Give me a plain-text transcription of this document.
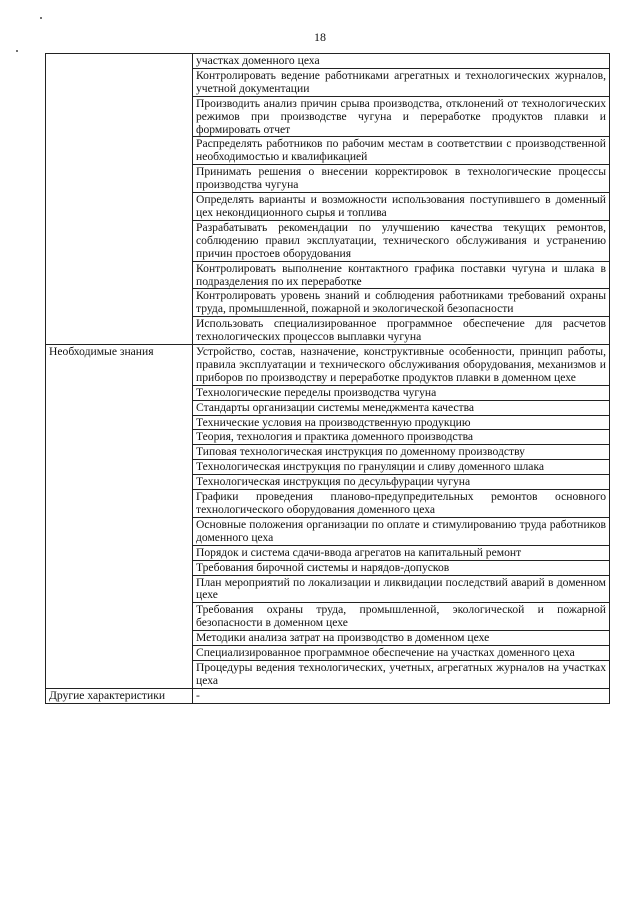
18
	участках доменного цеха
	Контролировать ведение работниками агрегатных и технологических журналов, учетной документации
	Производить анализ причин срыва производства, отклонений от технологических режимов при производстве чугуна и переработке продуктов плавки и формировать отчет
	Распределять работников по рабочим местам в соответствии с производственной необходимостью и квалификацией
	Принимать решения о внесении корректировок в технологические процессы производства чугуна
	Определять варианты и возможности использования поступившего в доменный цех некондиционного сырья и топлива
	Разрабатывать рекомендации по улучшению качества текущих ремонтов, соблюдению правил эксплуатации, технического обслуживания и устранению причин простоев оборудования
	Контролировать выполнение контактного графика поставки чугуна и шлака в подразделения по их переработке
	Контролировать уровень знаний и соблюдения работниками требований охраны труда, промышленной, пожарной и экологической безопасности
	Использовать специализированное программное обеспечение для расчетов технологических процессов выплавки чугуна
Необходимые знания	Устройство, состав, назначение, конструктивные особенности, принцип работы, правила эксплуатации и технического обслуживания оборудования, механизмов и приборов по производству и переработке продуктов плавки в доменном цехе
	Технологические переделы производства чугуна
	Стандарты организации системы менеджмента качества
	Технические условия на производственную продукцию
	Теория, технология и практика доменного производства
	Типовая технологическая инструкция по доменному производству
	Технологическая инструкция по грануляции и сливу доменного шлака
	Технологическая инструкция по десульфурации чугуна
	Графики проведения планово-предупредительных ремонтов основного технологического оборудования доменного цеха
	Основные положения организации по оплате и стимулированию труда работников доменного цеха
	Порядок и система сдачи-ввода агрегатов на капитальный ремонт
	Требования бирочной системы и нарядов-допусков
	План мероприятий по локализации и ликвидации последствий аварий в доменном цехе
	Требования охраны труда, промышленной, экологической и пожарной безопасности в доменном цехе
	Методики анализа затрат на производство в доменном цехе
	Специализированное программное обеспечение на участках доменного цеха
	Процедуры ведения технологических, учетных, агрегатных журналов на участках цеха
Другие характеристики	-
